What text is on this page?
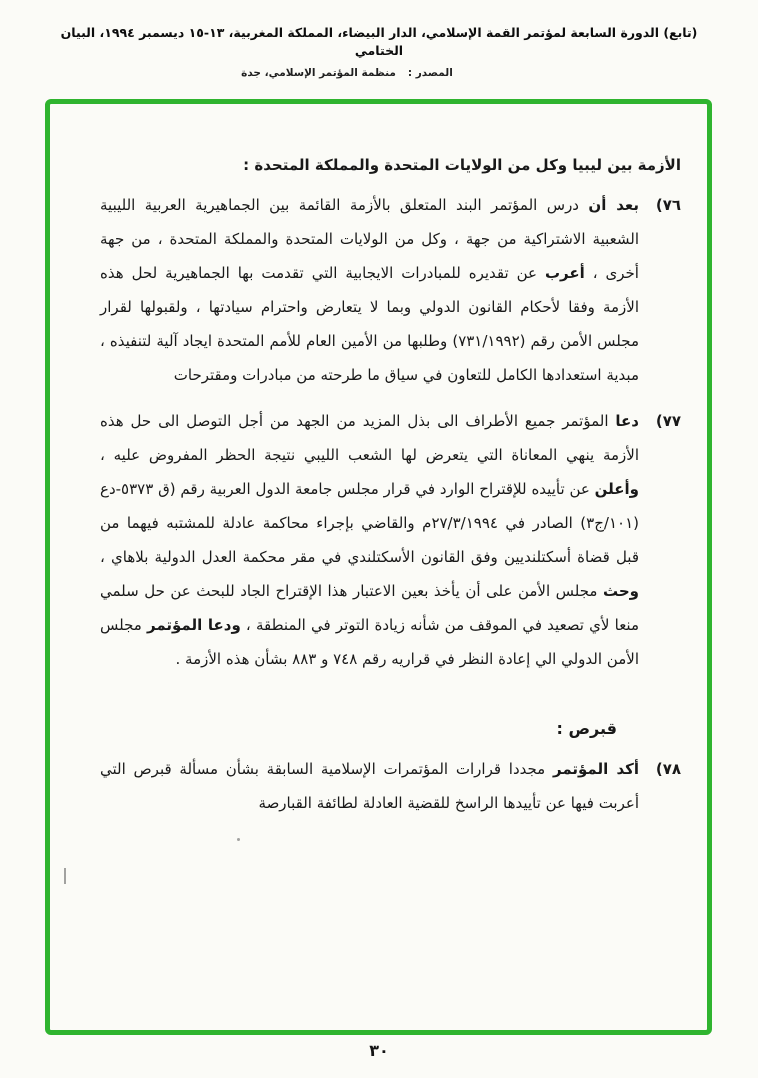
(تابع) الدورة السابعة لمؤتمر القمة الإسلامي، الدار البيضاء، المملكة المغربية، ١٣-١٥ ديسمبر ١٩٩٤، البيان الختامي
المصدر :منظمة المؤتمر الإسلامي، جدة
الأزمة بين ليبيا وكل من الولايات المتحدة والمملكة المتحدة :
٧٦)
بعد أن درس المؤتمر البند المتعلق بالأزمة القائمة بين الجماهيرية العربية الليبية الشعبية الاشتراكية من جهة ، وكل من الولايات المتحدة والمملكة المتحدة ، من جهة أخرى ، أعرب عن تقديره للمبادرات الايجابية التي تقدمت بها الجماهيرية لحل هذه الأزمة وفقا لأحكام القانون الدولي وبما لا يتعارض واحترام سيادتها ، ولقبولها لقرار مجلس الأمن رقم (٧٣١/١٩٩٢) وطلبها من الأمين العام للأمم المتحدة ايجاد آلية لتنفيذه ، مبدية استعدادها الكامل للتعاون في سياق ما طرحته من مبادرات ومقترحات
٧٧)
دعا المؤتمر جميع الأطراف الى بذل المزيد من الجهد من أجل التوصل الى حل هذه الأزمة ينهي المعاناة التي يتعرض لها الشعب الليبي نتيجة الحظر المفروض عليه ، وأعلن عن تأييده للإقتراح الوارد في قرار مجلس جامعة الدول العربية رقم (ق ٥٣٧٣-دع (١٠١/ج٣) الصادر في ٢٧/٣/١٩٩٤م والقاضي بإجراء محاكمة عادلة للمشتبه فيهما من قبل قضاة أسكتلنديين وفق القانون الأسكتلندي في مقر محكمة العدل الدولية بلاهاي ، وحث مجلس الأمن على أن يأخذ بعين الاعتبار هذا الإقتراح الجاد للبحث عن حل سلمي منعا لأي تصعيد في الموقف من شأنه زيادة التوتر في المنطقة ، ودعا المؤتمر مجلس الأمن الدولي الي إعادة النظر في قراريه رقم ٧٤٨ و ٨٨٣ بشأن هذه الأزمة .
قبرص :
٧٨)
أكد المؤتمر مجددا قرارات المؤتمرات الإسلامية السابقة بشأن مسألة قبرص التي أعربت فيها عن تأييدها الراسخ للقضية العادلة لطائفة القبارصة
٣٠
